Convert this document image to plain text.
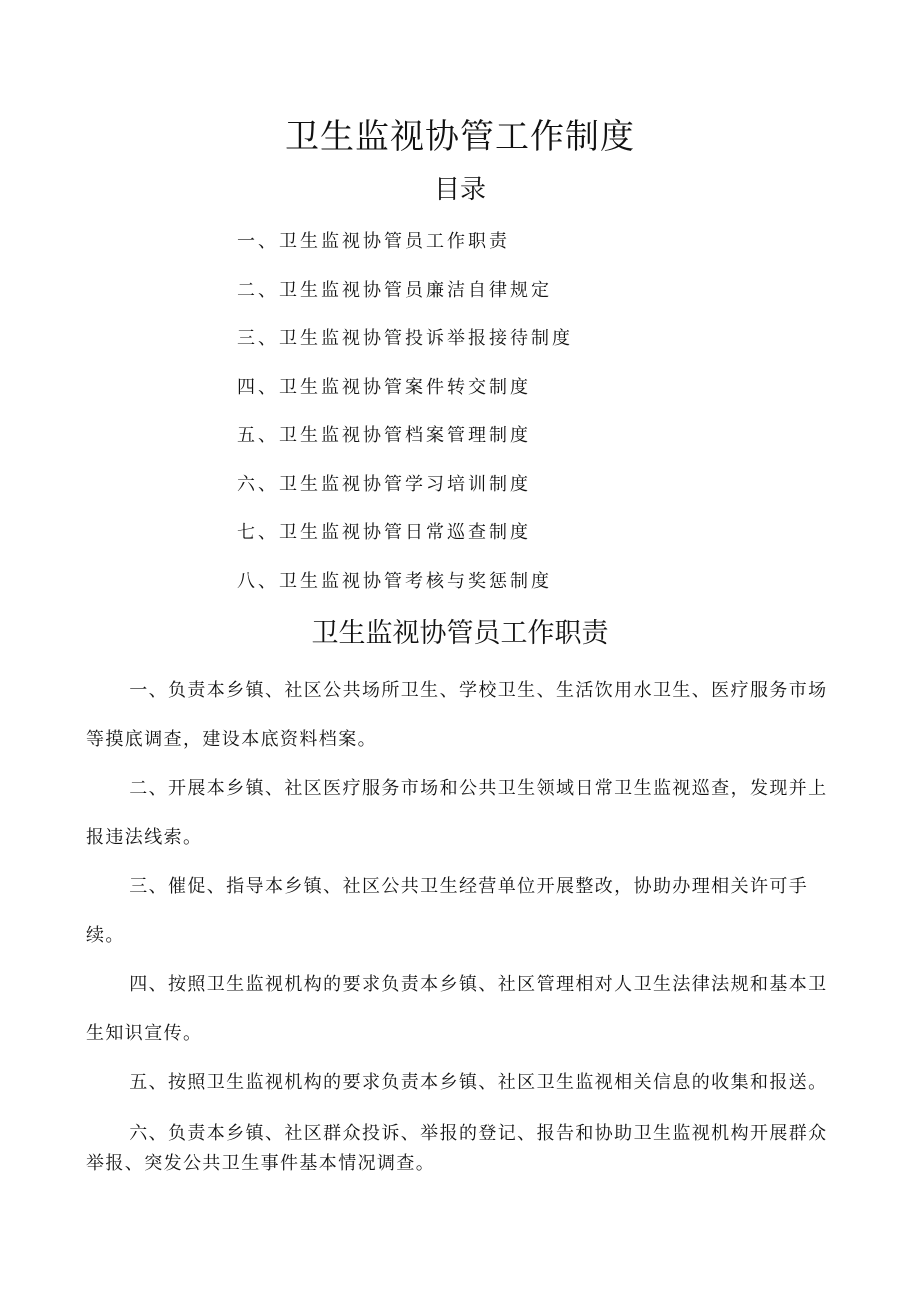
卫生监视协管工作制度
目录
一、卫生监视协管员工作职责
二、卫生监视协管员廉洁自律规定
三、卫生监视协管投诉举报接待制度
四、卫生监视协管案件转交制度
五、卫生监视协管档案管理制度
六、卫生监视协管学习培训制度
七、卫生监视协管日常巡查制度
八、卫生监视协管考核与奖惩制度
卫生监视协管员工作职责

一、负责本乡镇、社区公共场所卫生、学校卫生、生活饮用水卫生、医疗服务市场等摸底调查，建设本底资料档案。

二、开展本乡镇、社区医疗服务市场和公共卫生领域日常卫生监视巡查，发现并上报违法线索。

三、催促、指导本乡镇、社区公共卫生经营单位开展整改，协助办理相关许可手续。

四、按照卫生监视机构的要求负责本乡镇、社区管理相对人卫生法律法规和基本卫生知识宣传。

五、按照卫生监视机构的要求负责本乡镇、社区卫生监视相关信息的收集和报送。

六、负责本乡镇、社区群众投诉、举报的登记、报告和协助卫生监视机构开展群众举报、突发公共卫生事件基本情况调查。
